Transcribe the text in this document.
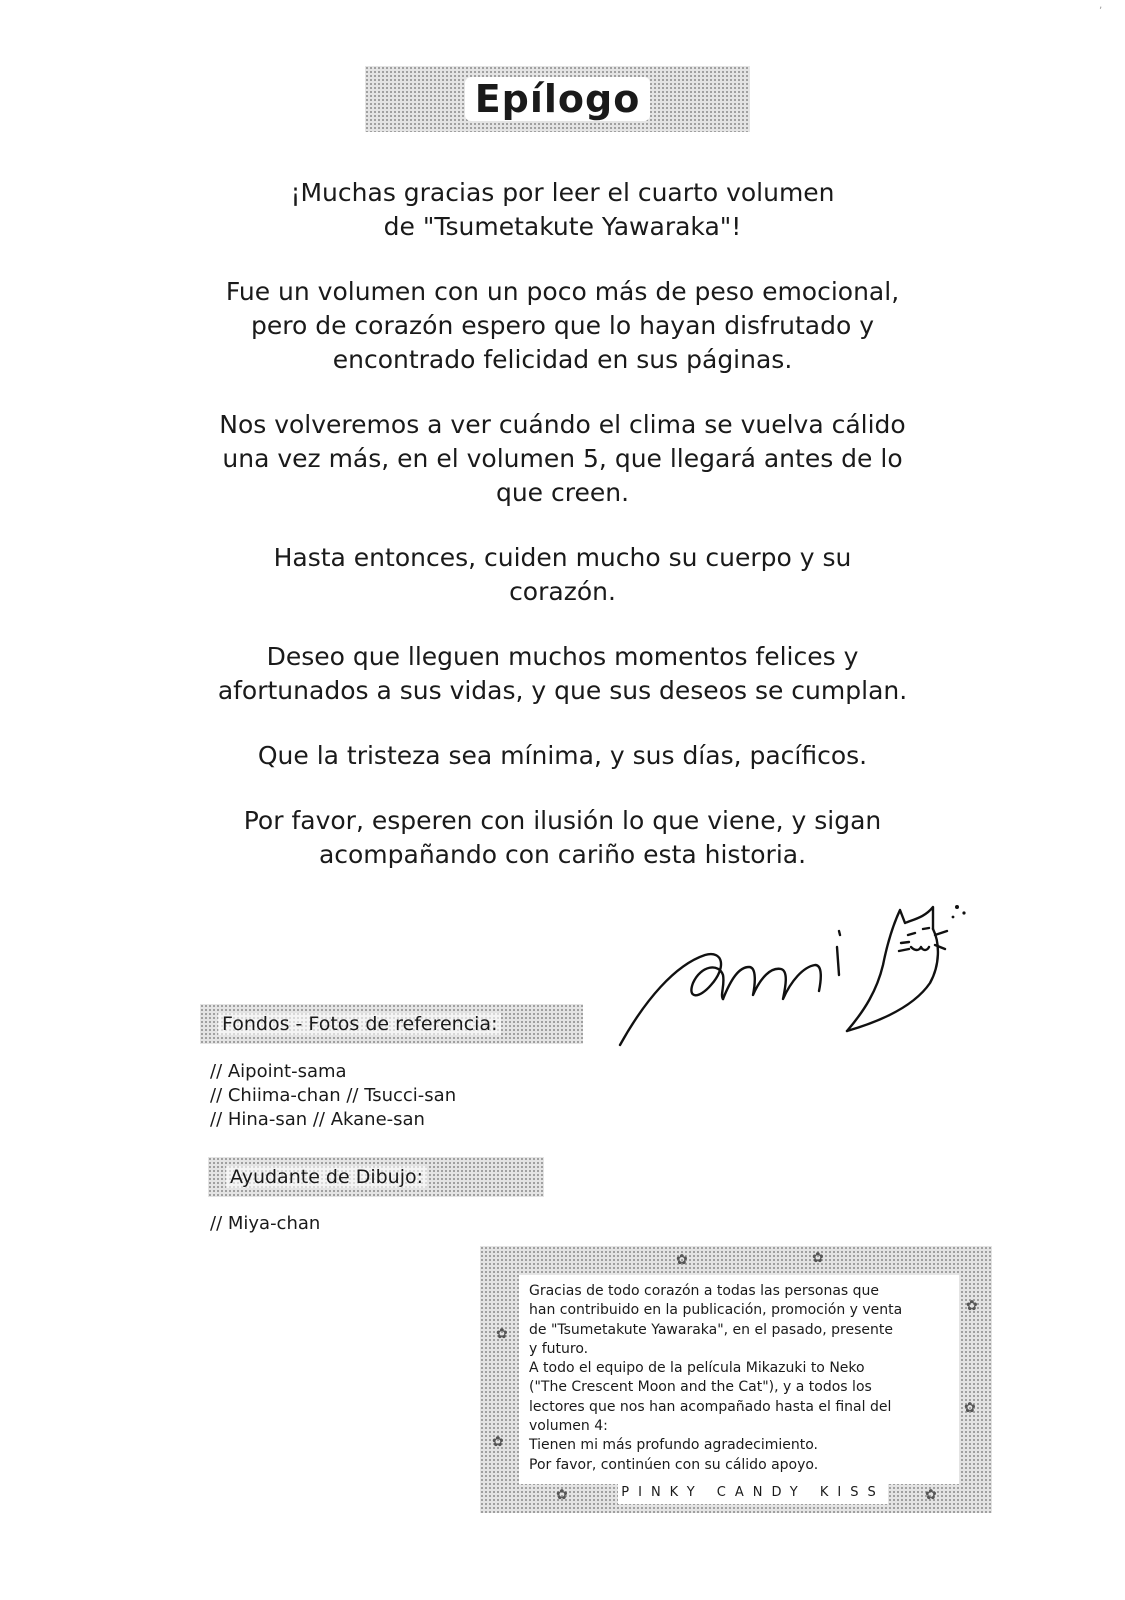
‚
Epílogo

¡Muchas gracias por leer el cuarto volumen
de "Tsumetakute Yawaraka"!

Fue un volumen con un poco más de peso emocional,
pero de corazón espero que lo hayan disfrutado y
encontrado felicidad en sus páginas.

Nos volveremos a ver cuándo el clima se vuelva cálido
una vez más, en el volumen 5, que llegará antes de lo
que creen.

Hasta entonces, cuiden mucho su cuerpo y su
corazón.

Deseo que lleguen muchos momentos felices y
afortunados a sus vidas, y que sus deseos se cumplan.

Que la tristeza sea mínima, y sus días, pacíficos.

Por favor, esperen con ilusión lo que viene, y sigan
acompañando con cariño esta historia.

Fondos - Fotos de referencia:
// Aipoint-sama
// Chiima-chan // Tsucci-san
// Hina-san // Akane-san
Ayudante de Dibujo:
// Miya-chan
✿	✿
✿
✿
✿
✿
✿	✿
Gracias de todo corazón a todas las personas que
han contribuido en la publicación, promoción y venta
de "Tsumetakute Yawaraka", en el pasado, presente
y futuro.
A todo el equipo de la película Mikazuki to Neko
("The Crescent Moon and the Cat"), y a todos los
lectores que nos han acompañado hasta el final del
volumen 4:
Tienen mi más profundo agradecimiento.
Por favor, continúen con su cálido apoyo.
PINKY CANDY KISS
